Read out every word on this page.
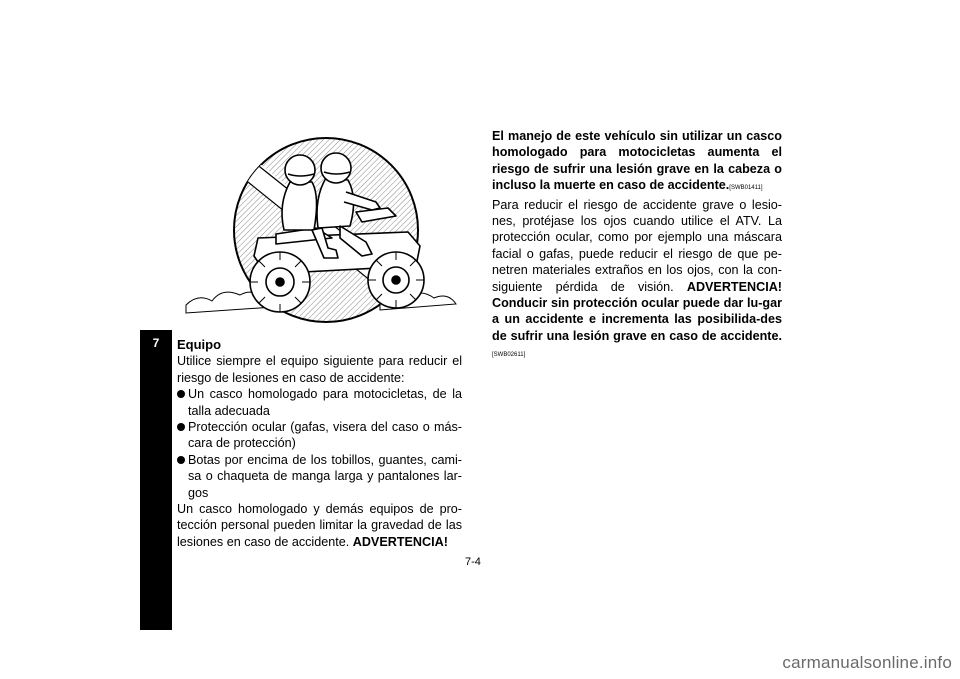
7	Equipo

Utilice siempre el equipo siguiente para reducir el riesgo de lesiones en caso de accidente:

Un casco homologado para motocicletas, de la talla adecuada
Protección ocular (gafas, visera del caso o más-cara de protección)
Botas por encima de los tobillos, guantes, cami-sa o chaqueta de manga larga y pantalones lar-gos

Un casco homologado y demás equipos de pro-tección personal pueden limitar la gravedad de las lesiones en caso de accidente. ADVERTENCIA!

El manejo de este vehículo sin utilizar un casco homologado para motocicletas aumenta el riesgo de sufrir una lesión grave en la cabeza o incluso la muerte en caso de accidente.[SWB01411]

Para reducir el riesgo de accidente grave o lesio-nes, protéjase los ojos cuando utilice el ATV. La protección ocular, como por ejemplo una máscara facial o gafas, puede reducir el riesgo de que pe-netren materiales extraños en los ojos, con la con-siguiente pérdida de visión. ADVERTENCIA! Conducir sin protección ocular puede dar lu-gar a un accidente e incrementa las posibilida-des de sufrir una lesión grave en caso de accidente.[SWB02611]

7-4
carmanualsonline.info
